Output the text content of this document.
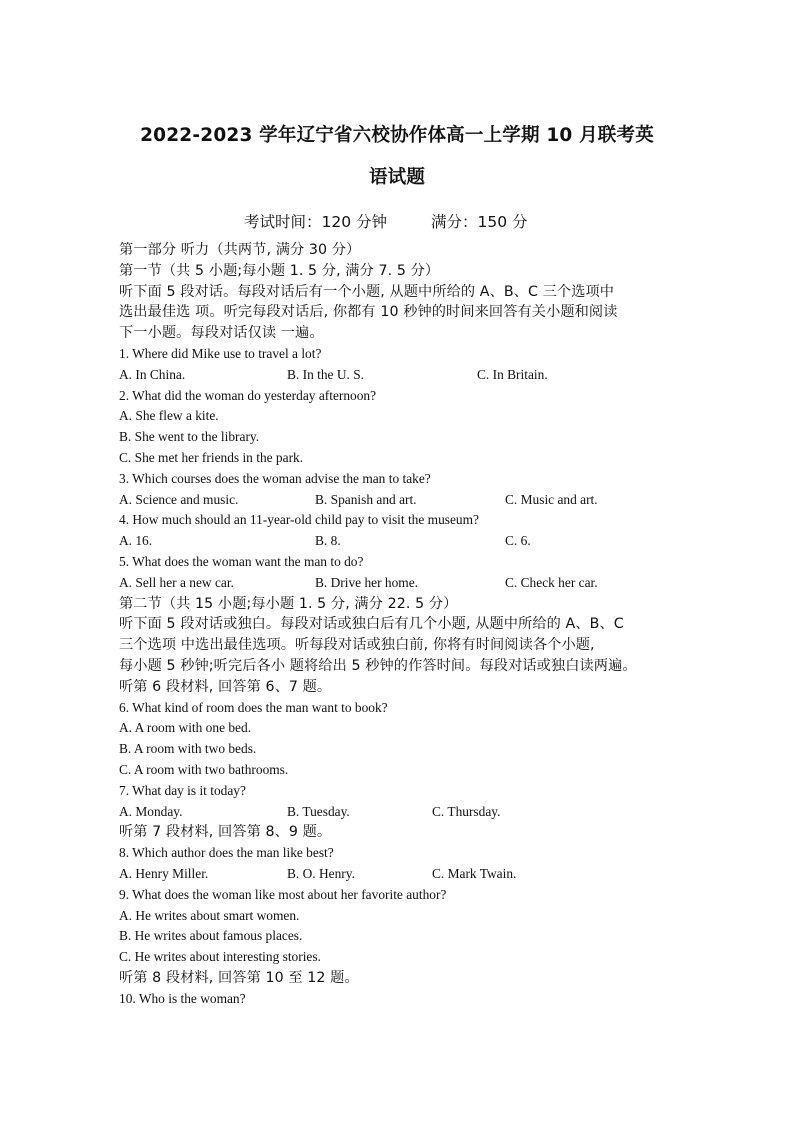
2022-2023 学年辽宁省六校协作体高一上学期 10 月联考英
语试题
考试时间：120 分钟	满分：150 分
第一部分 听力（共两节, 满分 30 分）
第一节（共 5 小题;每小题 1. 5 分, 满分 7. 5 分）
听下面 5 段对话。每段对话后有一个小题, 从题中所给的 A、B、C 三个选项中
选出最佳选 项。听完每段对话后, 你都有 10 秒钟的时间来回答有关小题和阅读
下一小题。每段对话仅读 一遍。
1. Where did Mike use to travel a lot?
A. In China.	B. In the U. S.	C. In Britain.
2. What did the woman do yesterday afternoon?
A. She flew a kite.
B. She went to the library.
C. She met her friends in the park.
3. Which courses does the woman advise the man to take?
A. Science and music.	B. Spanish and art.	C. Music and art.
4. How much should an 11-year-old child pay to visit the museum?
A. 16.	B. 8.	C. 6.
5. What does the woman want the man to do?
A. Sell her a new car.	B. Drive her home.	C. Check her car.
第二节（共 15 小题;每小题 1. 5 分, 满分 22. 5 分）
听下面 5 段对话或独白。每段对话或独白后有几个小题, 从题中所给的 A、B、C
三个选项 中选出最佳选项。听每段对话或独白前, 你将有时间阅读各个小题,
每小题 5 秒钟;听完后各小 题将给出 5 秒钟的作答时间。每段对话或独白读两遍。
听第 6 段材料, 回答第 6、7 题。
6. What kind of room does the man want to book?
A. A room with one bed.
B. A room with two beds.
C. A room with two bathrooms.
7. What day is it today?
A. Monday.	B. Tuesday.	C. Thursday.
听第 7 段材料, 回答第 8、9 题。
8. Which author does the man like best?
A. Henry Miller.	B. O. Henry.	C. Mark Twain.
9. What does the woman like most about her favorite author?
A. He writes about smart women.
B. He writes about famous places.
C. He writes about interesting stories.
听第 8 段材料, 回答第 10 至 12 题。
10. Who is the woman?
